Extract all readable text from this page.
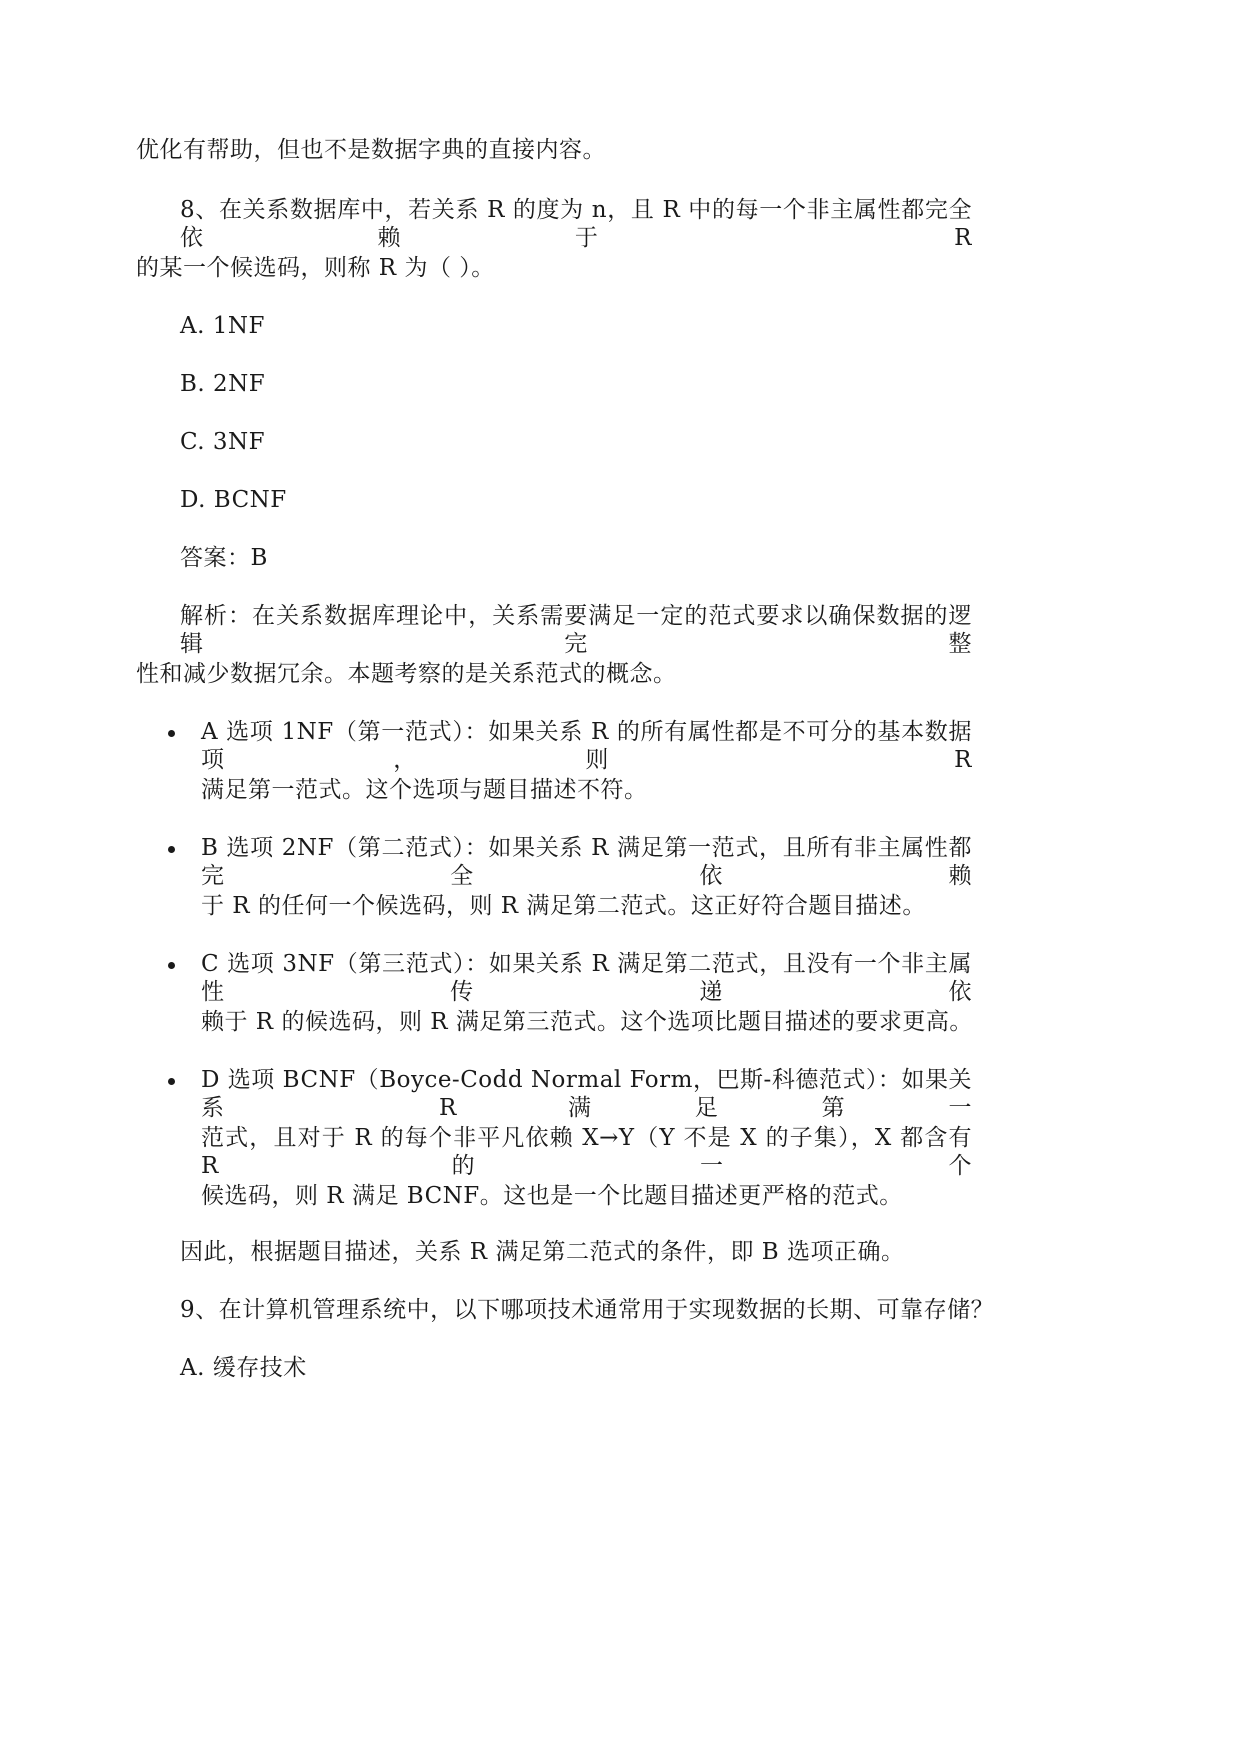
优化有帮助，但也不是数据字典的直接内容。
8、在关系数据库中，若关系 R 的度为 n，且 R 中的每一个非主属性都完全依赖于 R
的某一个候选码，则称 R 为（ ）。
A. 1NF
B. 2NF
C. 3NF
D. BCNF
答案：B
解析：在关系数据库理论中，关系需要满足一定的范式要求以确保数据的逻辑完整
性和减少数据冗余。本题考察的是关系范式的概念。
A 选项 1NF（第一范式）：如果关系 R 的所有属性都是不可分的基本数据项，则 R
满足第一范式。这个选项与题目描述不符。
B 选项 2NF（第二范式）：如果关系 R 满足第一范式，且所有非主属性都完全依赖
于 R 的任何一个候选码，则 R 满足第二范式。这正好符合题目描述。
C 选项 3NF（第三范式）：如果关系 R 满足第二范式，且没有一个非主属性传递依
赖于 R 的候选码，则 R 满足第三范式。这个选项比题目描述的要求更高。
D 选项 BCNF（Boyce-Codd Normal Form，巴斯-科德范式）：如果关系 R 满足第一
范式，且对于 R 的每个非平凡依赖 X→Y（Y 不是 X 的子集），X 都含有 R 的一个
候选码，则 R 满足 BCNF。这也是一个比题目描述更严格的范式。
因此，根据题目描述，关系 R 满足第二范式的条件，即 B 选项正确。
9、在计算机管理系统中，以下哪项技术通常用于实现数据的长期、可靠存储？
A. 缓存技术
